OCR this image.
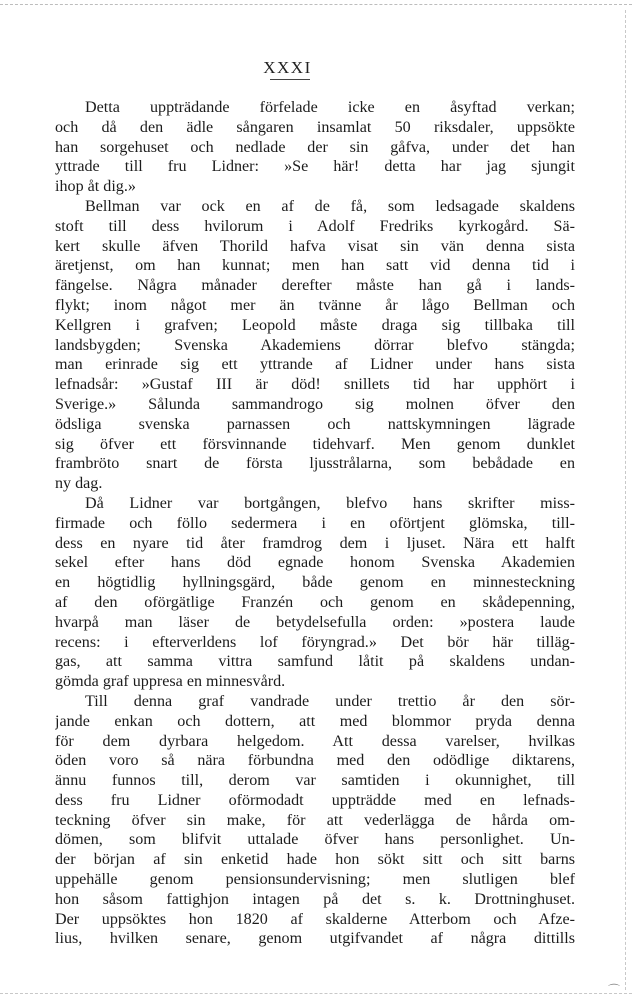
XXXI
Detta uppträdande förfelade icke en åsyftad verkan;
och då den ädle sångaren insamlat 50 riksdaler, uppsökte
han sorgehuset och nedlade der sin gåfva, under det han
yttrade till fru Lidner: »Se här! detta har jag sjungit
ihop åt dig.»
Bellman var ock en af de få, som ledsagade skaldens
stoft till dess hvilorum i Adolf Fredriks kyrkogård. Sä-
kert skulle äfven Thorild hafva visat sin vän denna sista
äretjenst, om han kunnat; men han satt vid denna tid i
fängelse. Några månader derefter måste han gå i lands-
flykt; inom något mer än tvänne år lågo Bellman och
Kellgren i grafven; Leopold måste draga sig tillbaka till
landsbygden; Svenska Akademiens dörrar blefvo stängda;
man erinrade sig ett yttrande af Lidner under hans sista
lefnadsår: »Gustaf III är död! snillets tid har upphört i
Sverige.» Sålunda sammandrogo sig molnen öfver den
ödsliga svenska parnassen och nattskymningen lägrade
sig öfver ett försvinnande tidehvarf. Men genom dunklet
frambröto snart de första ljusstrålarna, som bebådade en
ny dag.
Då Lidner var bortgången, blefvo hans skrifter miss-
firmade och föllo sedermera i en oförtjent glömska, till-
dess en nyare tid åter framdrog dem i ljuset. Nära ett halft
sekel efter hans död egnade honom Svenska Akademien
en högtidlig hyllningsgärd, både genom en minnesteckning
af den oförgätlige Franzén och genom en skådepenning,
hvarpå man läser de betydelsefulla orden: »postera laude
recens: i efterverldens lof föryngrad.» Det bör här tilläg-
gas, att samma vittra samfund låtit på skaldens undan-
gömda graf uppresa en minnesvård.
Till denna graf vandrade under trettio år den sör-
jande enkan och dottern, att med blommor pryda denna
för dem dyrbara helgedom. Att dessa varelser, hvilkas
öden voro så nära förbundna med den odödlige diktarens,
ännu funnos till, derom var samtiden i okunnighet, till
dess fru Lidner oförmodadt uppträdde med en lefnads-
teckning öfver sin make, för att vederlägga de hårda om-
dömen, som blifvit uttalade öfver hans personlighet. Un-
der början af sin enketid hade hon sökt sitt och sitt barns
uppehälle genom pensionsundervisning; men slutligen blef
hon såsom fattighjon intagen på det s. k. Drottninghuset.
Der uppsöktes hon 1820 af skalderne Atterbom och Afze-
lius, hvilken senare, genom utgifvandet af några dittills
⌒
